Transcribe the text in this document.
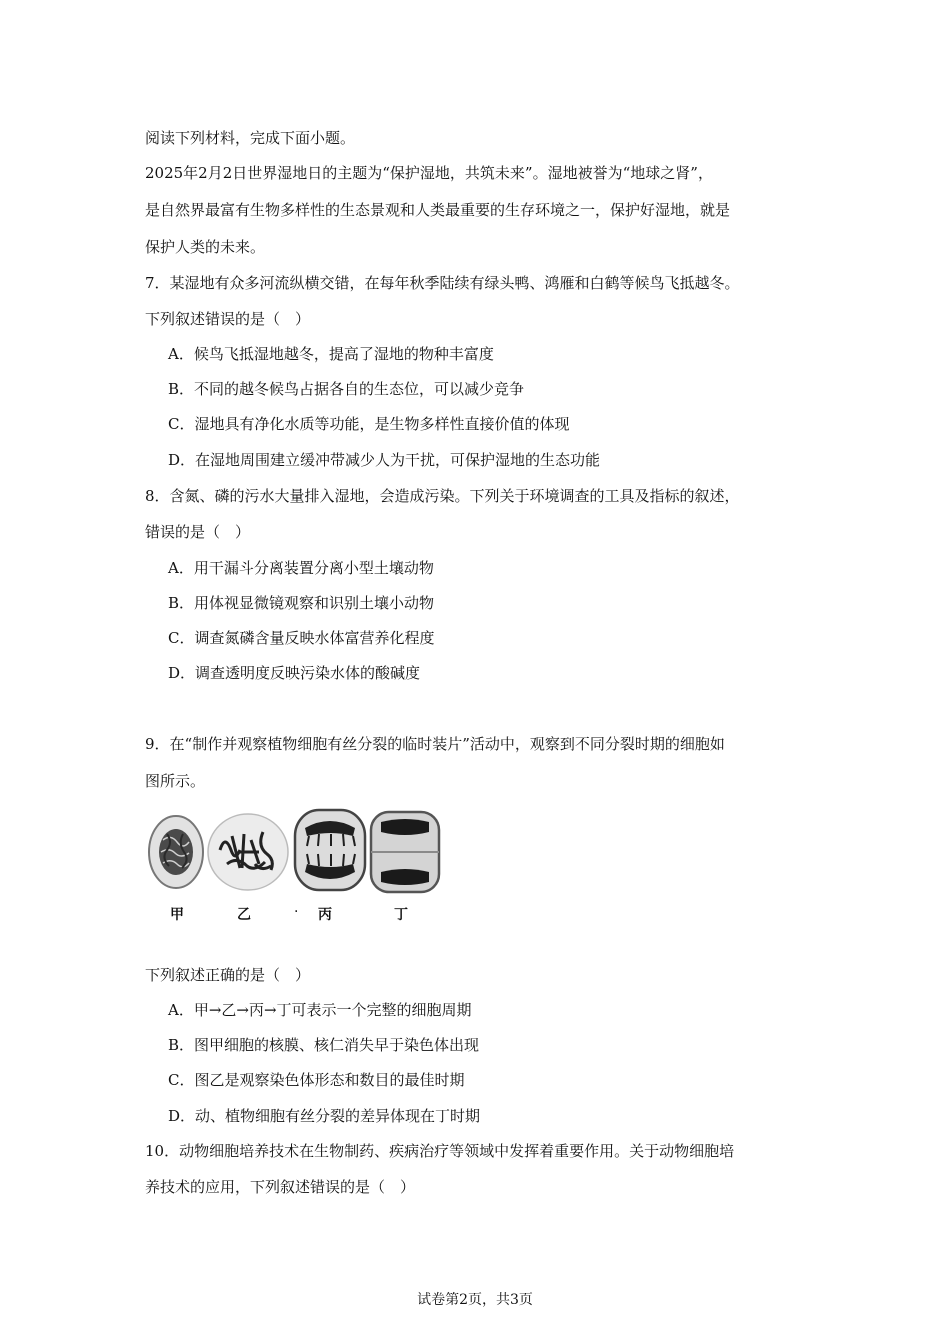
阅读下列材料，完成下面小题。
2025年2月2日世界湿地日的主题为“保护湿地，共筑未来”。湿地被誉为“地球之肾”，
是自然界最富有生物多样性的生态景观和人类最重要的生存环境之一，保护好湿地，就是
保护人类的未来。
7．某湿地有众多河流纵横交错，在每年秋季陆续有绿头鸭、鸿雁和白鹤等候鸟飞抵越冬。
下列叙述错误的是（　）
A．候鸟飞抵湿地越冬，提高了湿地的物种丰富度
B．不同的越冬候鸟占据各自的生态位，可以减少竞争
C．湿地具有净化水质等功能，是生物多样性直接价值的体现
D．在湿地周围建立缓冲带减少人为干扰，可保护湿地的生态功能
8．含氮、磷的污水大量排入湿地，会造成污染。下列关于环境调查的工具及指标的叙述，
错误的是（　）
A．用干漏斗分离装置分离小型土壤动物
B．用体视显微镜观察和识别土壤小动物
C．调查氮磷含量反映水体富营养化程度
D．调查透明度反映污染水体的酸碱度
9．在“制作并观察植物细胞有丝分裂的临时装片”活动中，观察到不同分裂时期的细胞如
图所示。
甲	乙	· 丙	丁
下列叙述正确的是（　）
A．甲→乙→丙→丁可表示一个完整的细胞周期
B．图甲细胞的核膜、核仁消失早于染色体出现
C．图乙是观察染色体形态和数目的最佳时期
D．动、植物细胞有丝分裂的差异体现在丁时期
10．动物细胞培养技术在生物制药、疾病治疗等领域中发挥着重要作用。关于动物细胞培
养技术的应用，下列叙述错误的是（　）
试卷第2页，共3页
